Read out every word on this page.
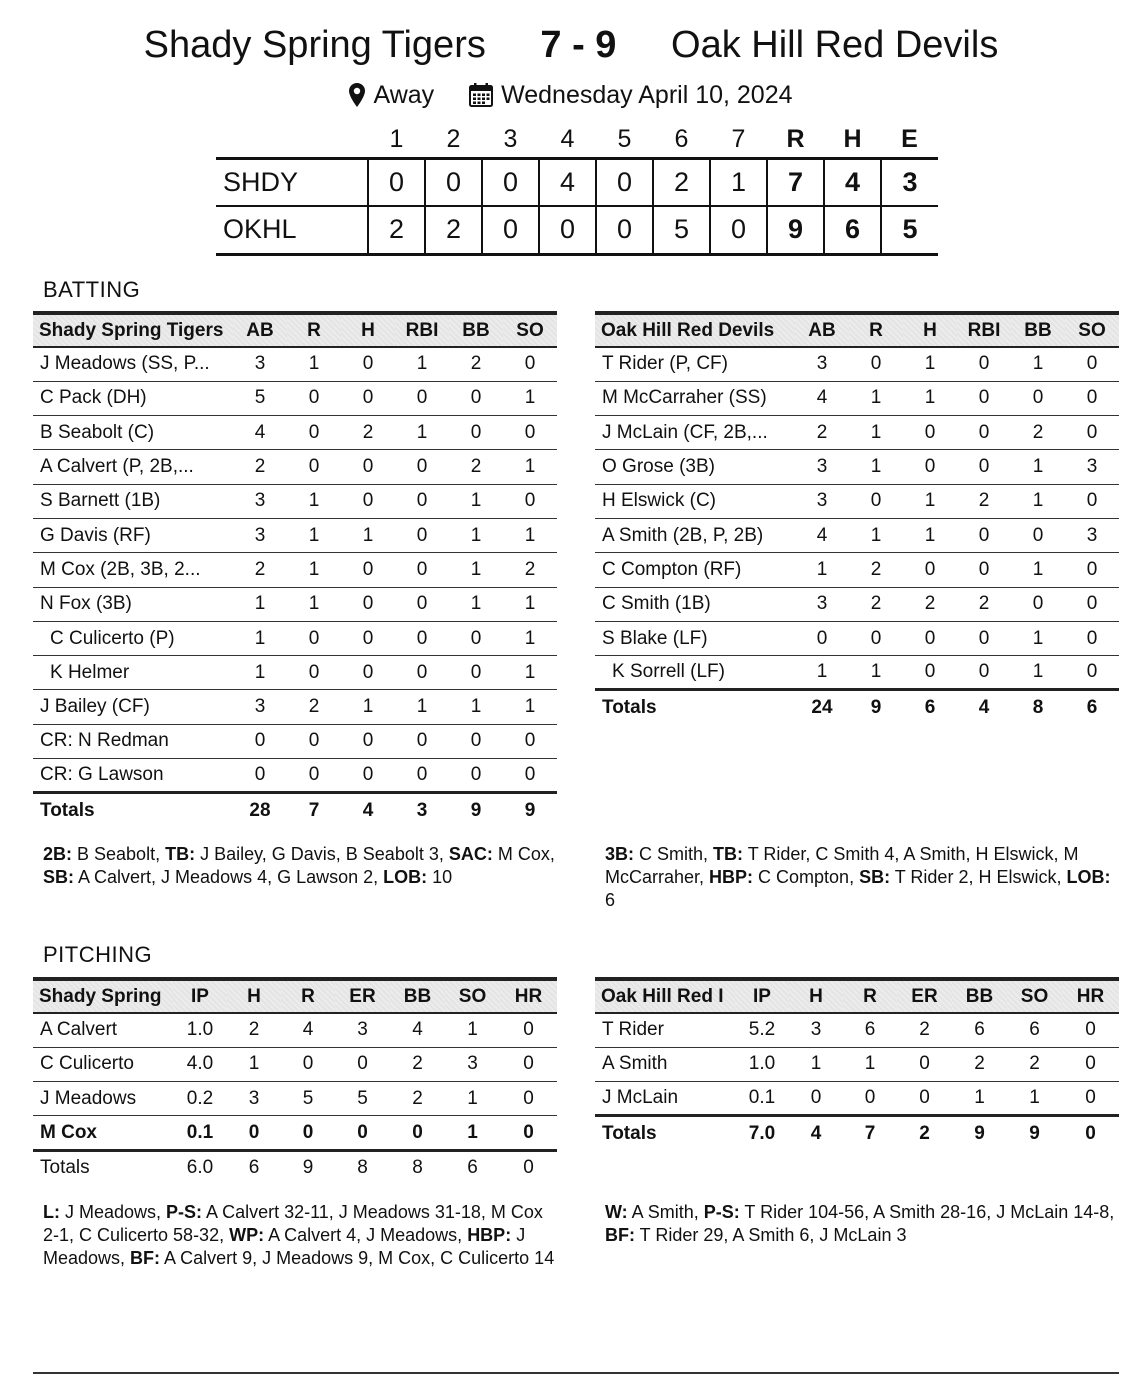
Shady Spring Tigers 7 - 9 Oak Hill Red Devils
Away	Wednesday April 10, 2024
	1	2	3	4	5	6	7	R	H	E
SHDY	0	0	0	4	0	2	1	7	4	3
OKHL	2	2	0	0	0	5	0	9	6	5
BATTING
Shady Spring Tigers	AB	R	H	RBI	BB	SO
J Meadows (SS, P...	3	1	0	1	2	0
C Pack (DH)	5	0	0	0	0	1
B Seabolt (C)	4	0	2	1	0	0
A Calvert (P, 2B,...	2	0	0	0	2	1
S Barnett (1B)	3	1	0	0	1	0
G Davis (RF)	3	1	1	0	1	1
M Cox (2B, 3B, 2...	2	1	0	0	1	2
N Fox (3B)	1	1	0	0	1	1
C Culicerto (P)	1	0	0	0	0	1
K Helmer	1	0	0	0	0	1
J Bailey (CF)	3	2	1	1	1	1
CR: N Redman	0	0	0	0	0	0
CR: G Lawson	0	0	0	0	0	0
Totals	28	7	4	3	9	9
Oak Hill Red Devils	AB	R	H	RBI	BB	SO
T Rider (P, CF)	3	0	1	0	1	0
M McCarraher (SS)	4	1	1	0	0	0
J McLain (CF, 2B,...	2	1	0	0	2	0
O Grose (3B)	3	1	0	0	1	3
H Elswick (C)	3	0	1	2	1	0
A Smith (2B, P, 2B)	4	1	1	0	0	3
C Compton (RF)	1	2	0	0	1	0
C Smith (1B)	3	2	2	2	0	0
S Blake (LF)	0	0	0	0	1	0
K Sorrell (LF)	1	1	0	0	1	0
Totals	24	9	6	4	8	6
2B: B Seabolt, TB: J Bailey, G Davis, B Seabolt 3, SAC: M Cox, SB: A Calvert, J Meadows 4, G Lawson 2, LOB: 10
3B: C Smith, TB: T Rider, C Smith 4, A Smith, H Elswick, M McCarraher, HBP: C Compton, SB: T Rider 2, H Elswick, LOB: 6
PITCHING
Shady Spring	IP	H	R	ER	BB	SO	HR
A Calvert	1.0	2	4	3	4	1	0
C Culicerto	4.0	1	0	0	2	3	0
J Meadows	0.2	3	5	5	2	1	0
M Cox	0.1	0	0	0	0	1	0
Totals	6.0	6	9	8	8	6	0
Oak Hill Red I	IP	H	R	ER	BB	SO	HR
T Rider	5.2	3	6	2	6	6	0
A Smith	1.0	1	1	0	2	2	0
J McLain	0.1	0	0	0	1	1	0
Totals	7.0	4	7	2	9	9	0
L: J Meadows, P-S: A Calvert 32-11, J Meadows 31-18, M Cox 2-1, C Culicerto 58-32, WP: A Calvert 4, J Meadows, HBP: J Meadows, BF: A Calvert 9, J Meadows 9, M Cox, C Culicerto 14
W: A Smith, P-S: T Rider 104-56, A Smith 28-16, J McLain 14-8, BF: T Rider 29, A Smith 6, J McLain 3
